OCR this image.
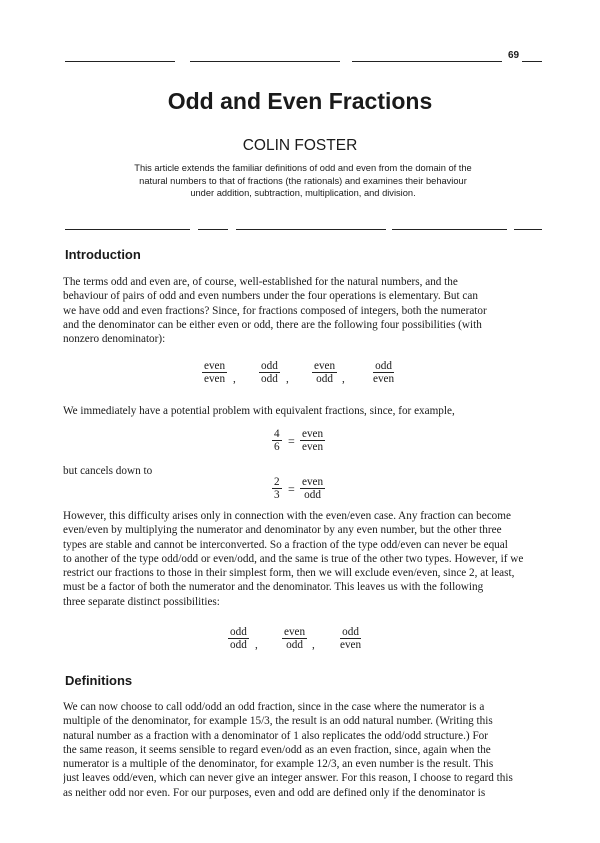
69
Odd and Even Fractions
COLIN FOSTER
This article extends the familiar definitions of odd and even from the domain of the natural numbers to that of fractions (the rationals) and examines their behaviour under addition, subtraction, multiplication, and division.
Introduction
The terms odd and even are, of course, well-established for the natural numbers, and the
behaviour of pairs of odd and even numbers under the four operations is elementary. But can
we have odd and even fractions? Since, for fractions composed of integers, both the numerator
and the denominator can be either even or odd, there are the following four possibilities (with
nonzero denominator):
even
even ,
odd
odd ,
even
odd ,
odd
even
We immediately have a potential problem with equivalent fractions, since, for example,
$\frac{4}{6}$ = even
even
but cancels down to
$\frac{2}{3}$ = even
odd
However, this difficulty arises only in connection with the even/even case. Any fraction can become
even/even by multiplying the numerator and denominator by any even number, but the other three
types are stable and cannot be interconverted. So a fraction of the type odd/even can never be equal
to another of the type odd/odd or even/odd, and the same is true of the other two types. However, if we
restrict our fractions to those in their simplest form, then we will exclude even/even, since 2, at least,
must be a factor of both the numerator and the denominator. This leaves us with the following
three separate distinct possibilities:
odd
odd ,
even
odd ,
odd
even
Definitions
We can now choose to call odd/odd an odd fraction, since in the case where the numerator is a
multiple of the denominator, for example 15/3, the result is an odd natural number. (Writing this
natural number as a fraction with a denominator of 1 also replicates the odd/odd structure.) For
the same reason, it seems sensible to regard even/odd as an even fraction, since, again when the
numerator is a multiple of the denominator, for example 12/3, an even number is the result. This
just leaves odd/even, which can never give an integer answer. For this reason, I choose to regard this
as neither odd nor even. For our purposes, even and odd are defined only if the denominator is
